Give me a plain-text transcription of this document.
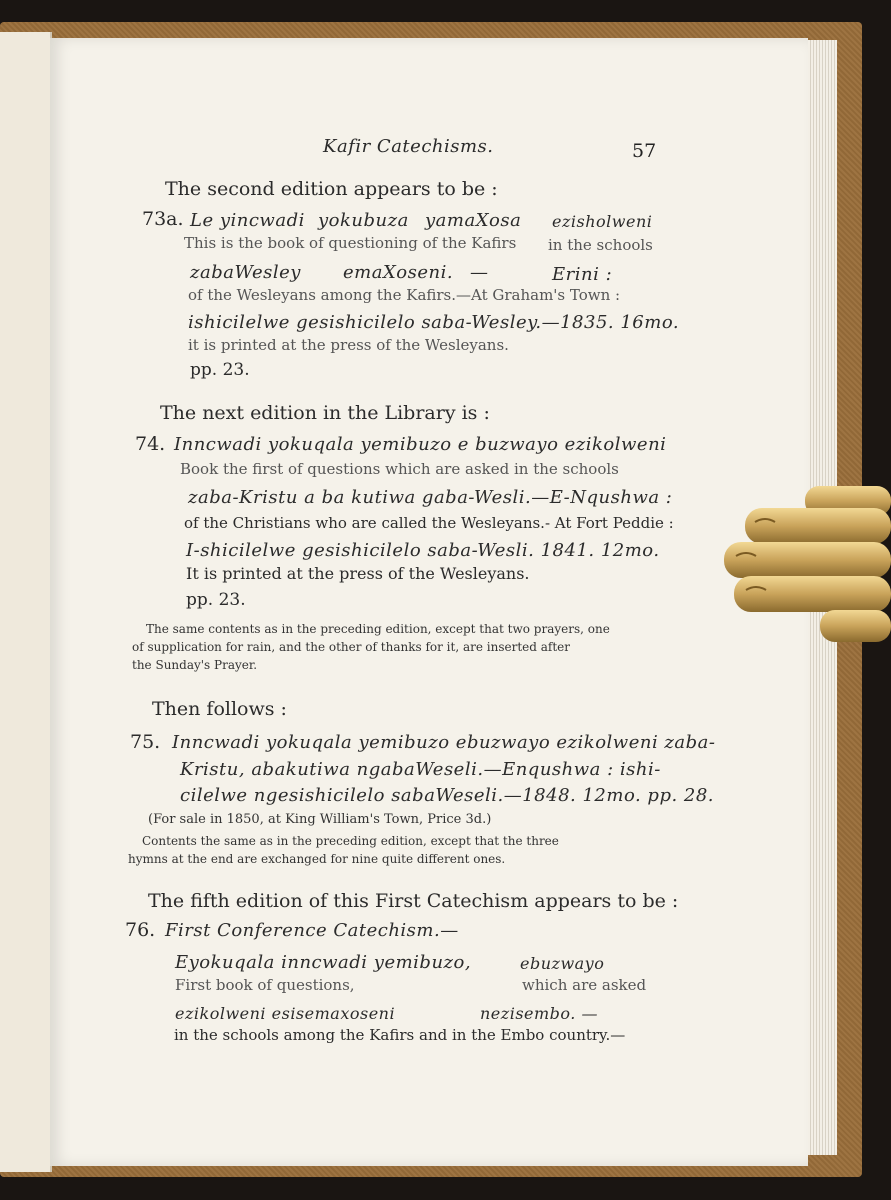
Kafir Catechisms.	57
The second edition appears to be :
73a. Le yincwadi yokubuza yamaXosa ezisholweni
This is the book of questioning of the Kafirs in the schools
zabaWesley emaXoseni. —	Erini :
of the Wesleyans among the Kafirs.—At Graham's Town :
ishicilelwe gesishicilelo saba-Wesley.—1835. 16mo.
it is printed at the press of the Wesleyans.
pp. 23.
The next edition in the Library is :
74. Inncwadi yokuqala yemibuzo e buzwayo ezikolweni
Book the first of questions which are asked in the schools
zaba-Kristu a ba kutiwa gaba-Wesli.—E-Nqushwa :
of the Christians who are called the Wesleyans.- At Fort Peddie :
I-shicilelwe gesishicilelo saba-Wesli. 1841. 12mo.
It is printed at the press of the Wesleyans.
pp. 23.
The same contents as in the preceding edition, except that two prayers, one
of supplication for rain, and the other of thanks for it, are inserted after
the Sunday's Prayer.
Then follows :
75. Inncwadi yokuqala yemibuzo ebuzwayo ezikolweni zaba-
Kristu, abakutiwa ngabaWeseli.—Enqushwa : ishi-
cilelwe ngesishicilelo sabaWeseli.—1848. 12mo. pp. 28.
(For sale in 1850, at King William's Town, Price 3d.)
Contents the same as in the preceding edition, except that the three
hymns at the end are exchanged for nine quite different ones.
The fifth edition of this First Catechism appears to be :
76. First Conference Catechism.—
Eyokuqala inncwadi yemibuzo,	ebuzwayo
First book of questions,	which are asked
ezikolweni esisemaxoseni	nezisembo. —
in the schools among the Kafirs and in the Embo country.—
